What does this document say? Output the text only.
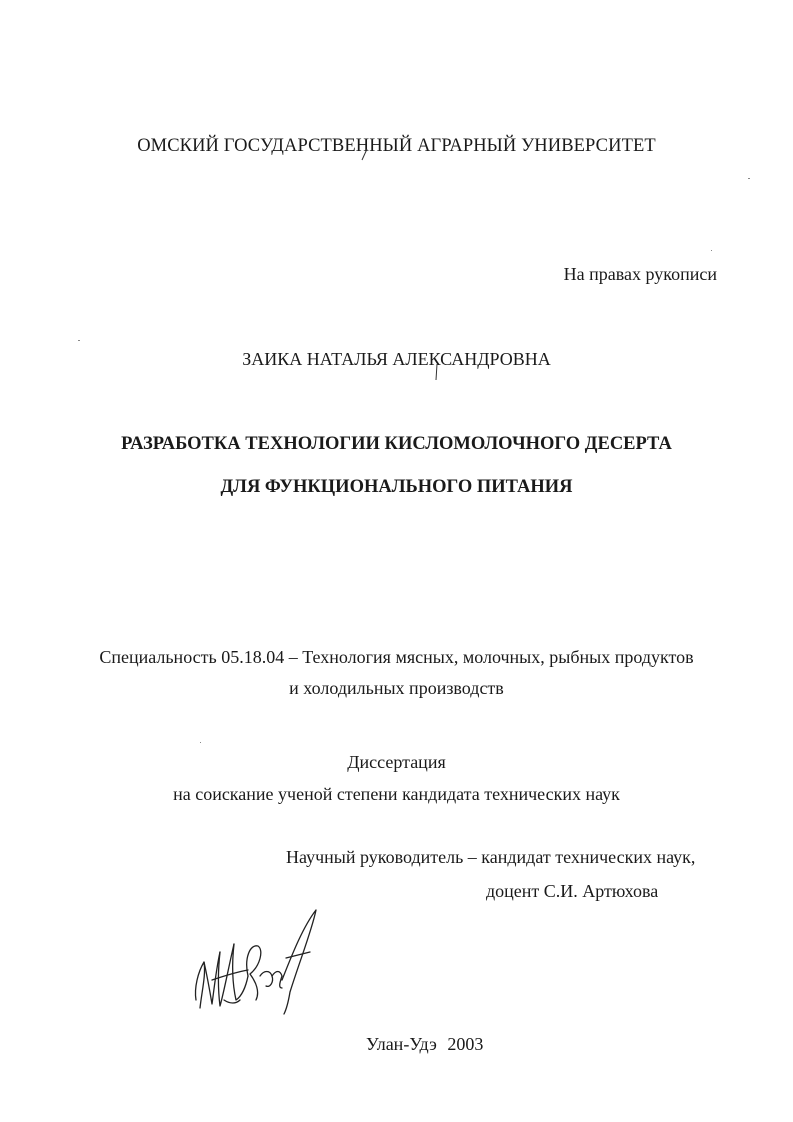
ОМСКИЙ ГОСУДАРСТВЕННЫЙ АГРАРНЫЙ УНИВЕРСИТЕТ
На правах рукописи
ЗАИКА НАТАЛЬЯ АЛЕКСАНДРОВНА
РАЗРАБОТКА ТЕХНОЛОГИИ КИСЛОМОЛОЧНОГО ДЕСЕРТА
ДЛЯ ФУНКЦИОНАЛЬНОГО ПИТАНИЯ
Специальность 05.18.04 – Технология мясных, молочных, рыбных продуктов
и холодильных производств
Диссертация
на соискание ученой степени кандидата технических наук
Научный руководитель – кандидат технических наук,
доцент С.И. Артюхова
Улан-Удэ 2003
